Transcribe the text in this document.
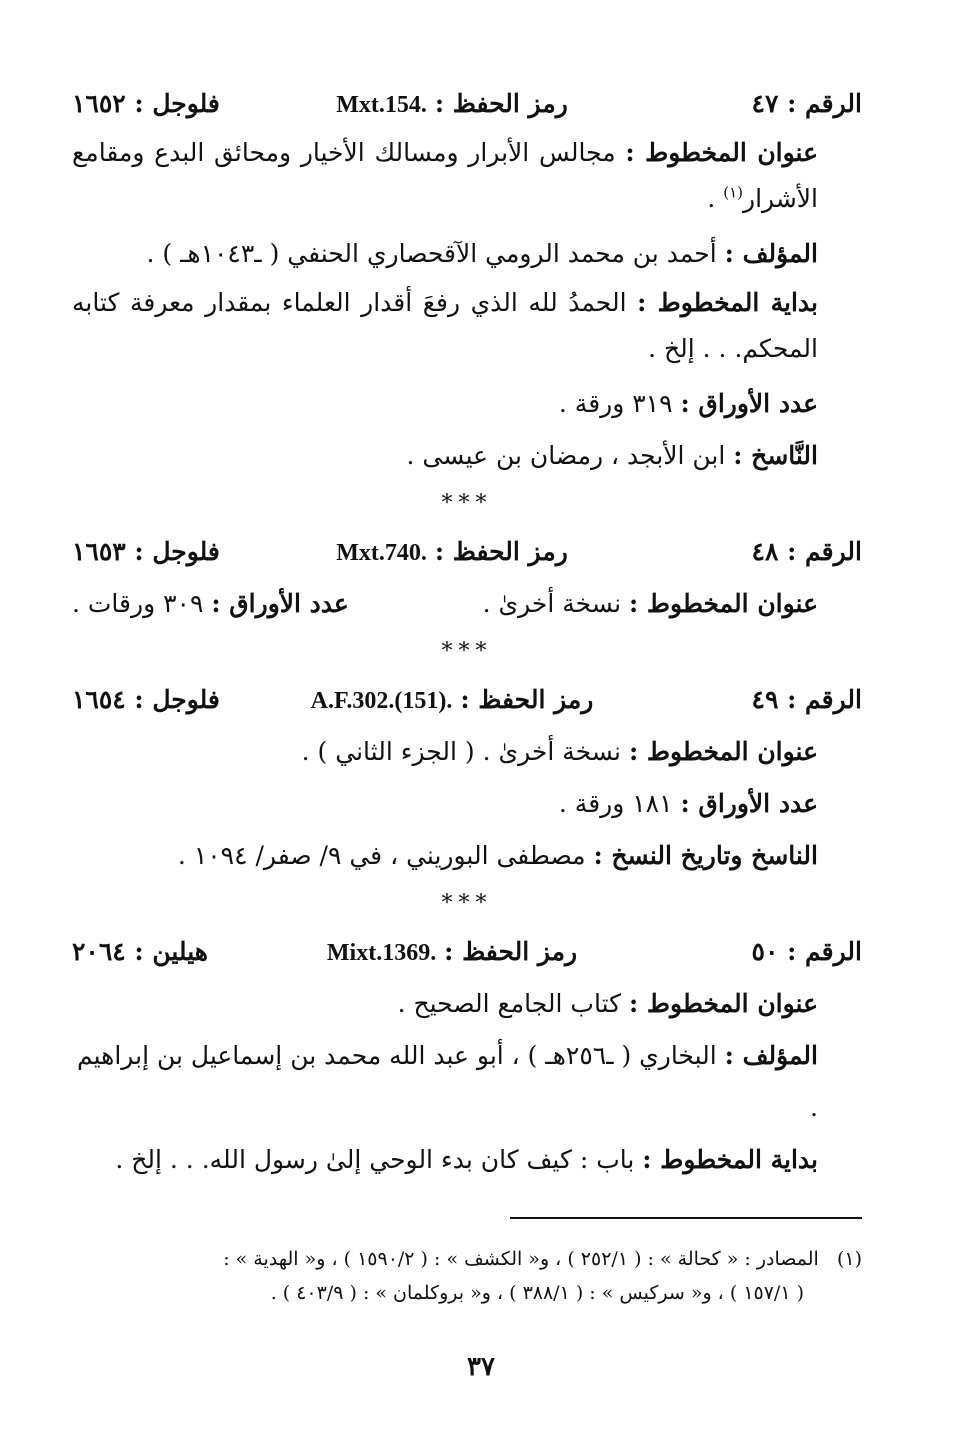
الرقم : ٤٧
رمز الحفظ : Mxt.154.
فلوجل : ١٦٥٢
عنوان المخطوط : مجالس الأبرار ومسالك الأخيار ومحائق البدع ومقامع الأشرار$^{(١)}$ .
المؤلف : أحمد بن محمد الرومي الآقحصاري الحنفي ( ـ١٠٤٣هـ ) .
بداية المخطوط : الحمدُ لله الذي رفعَ أقدار العلماء بمقدار معرفة كتابه المحكم. . . إلخ .
عدد الأوراق : ٣١٩ ورقة .
النَّاسخ : ابن الأبجد ، رمضان بن عيسى .
***
الرقم : ٤٨
رمز الحفظ : Mxt.740.
فلوجل : ١٦٥٣
عنوان المخطوط : نسخة أخرىٰ .
عدد الأوراق : ٣٠٩ ورقات .
***
الرقم : ٤٩
رمز الحفظ : A.F.302.(151).
فلوجل : ١٦٥٤
عنوان المخطوط : نسخة أخرىٰ . ( الجزء الثاني ) .
عدد الأوراق : ١٨١ ورقة .
الناسخ وتاريخ النسخ : مصطفى البوريني ، في ٩/ صفر/ ١٠٩٤ .
***
الرقم : ٥٠
رمز الحفظ : Mixt.1369.
هيلين : ٢٠٦٤
عنوان المخطوط : كتاب الجامع الصحيح .
المؤلف : البخاري ( ـ٢٥٦هـ ) ، أبو عبد الله محمد بن إسماعيل بن إبراهيم .
بداية المخطوط : باب : كيف كان بدء الوحي إلىٰ رسول الله. . . إلخ .
(١)   المصادر : « كحالة » : ( ٢٥٢/١ ) ، و« الكشف » : ( ١٥٩٠/٢ ) ، و« الهدية » :
( ١٥٧/١ ) ، و« سركيس » : ( ٣٨٨/١ ) ، و« بروكلمان » : ( ٤٠٣/٩ ) .
٣٧
